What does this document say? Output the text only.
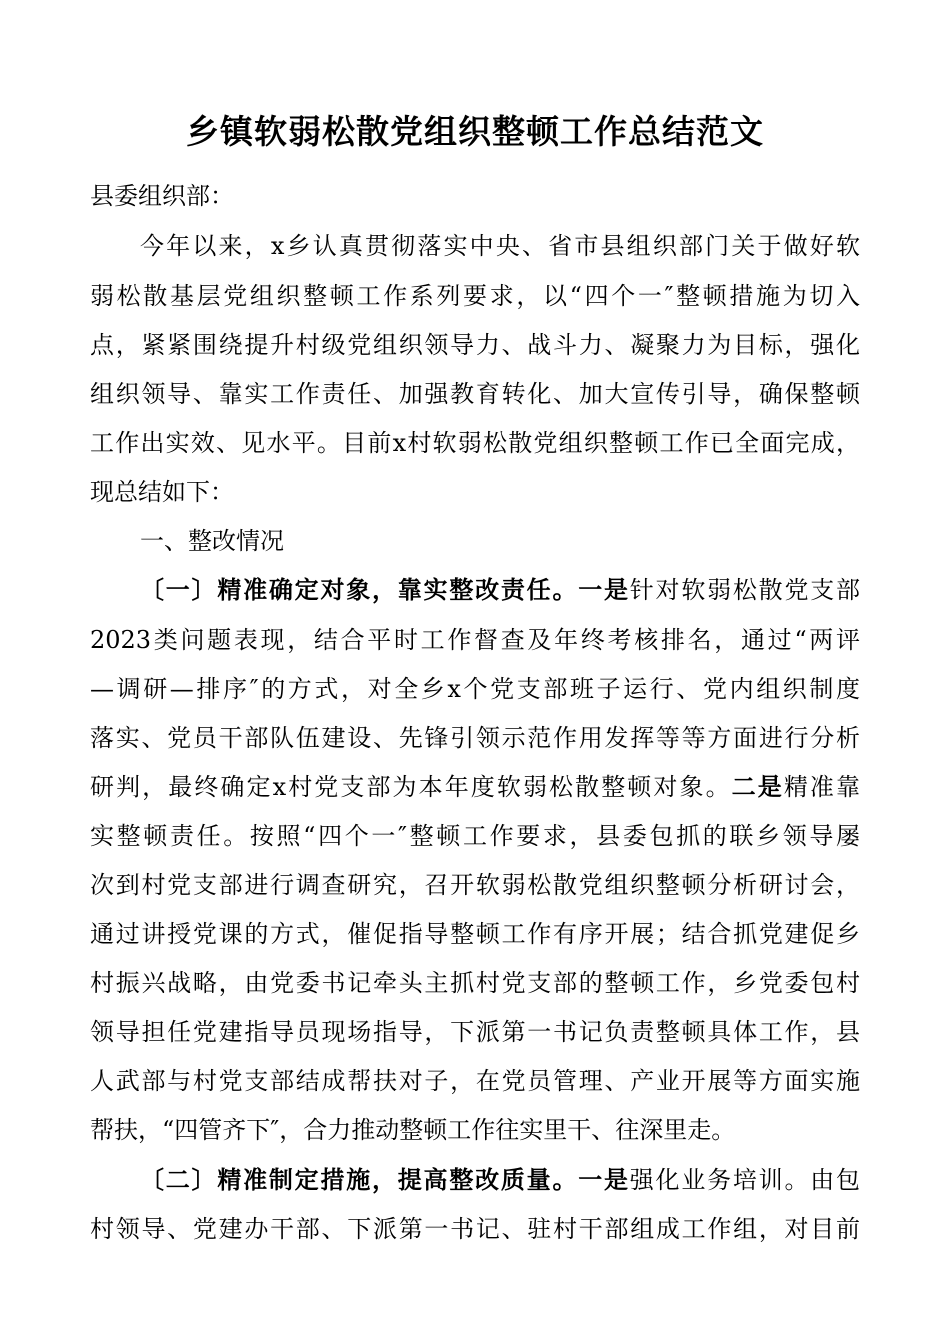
乡镇软弱松散党组织整顿工作总结范文

县委组织部：

今年以来，x乡认真贯彻落实中央、省市县组织部门关于做好软

弱松散基层党组织整顿工作系列要求，以“四个一″整顿措施为切入

点，紧紧围绕提升村级党组织领导力、战斗力、凝聚力为目标，强化

组织领导、靠实工作责任、加强教育转化、加大宣传引导，确保整顿

工作出实效、见水平。目前x村软弱松散党组织整顿工作已全面完成，

现总结如下：

一、整改情况

〔一〕精准确定对象，靠实整改责任。一是针对软弱松散党支部

2023类问题表现，结合平时工作督查及年终考核排名，通过“两评

—调研—排序″的方式，对全乡x个党支部班子运行、党内组织制度

落实、党员干部队伍建设、先锋引领示范作用发挥等等方面进行分析

研判，最终确定x村党支部为本年度软弱松散整顿对象。二是精准靠

实整顿责任。按照“四个一″整顿工作要求，县委包抓的联乡领导屡

次到村党支部进行调查研究，召开软弱松散党组织整顿分析研讨会，

通过讲授党课的方式，催促指导整顿工作有序开展；结合抓党建促乡

村振兴战略，由党委书记牵头主抓村党支部的整顿工作，乡党委包村

领导担任党建指导员现场指导，下派第一书记负责整顿具体工作，县

人武部与村党支部结成帮扶对子，在党员管理、产业开展等方面实施

帮扶，“四管齐下″，合力推动整顿工作往实里干、往深里走。

〔二〕精准制定措施，提高整改质量。一是强化业务培训。由包

村领导、党建办干部、下派第一书记、驻村干部组成工作组，对目前
